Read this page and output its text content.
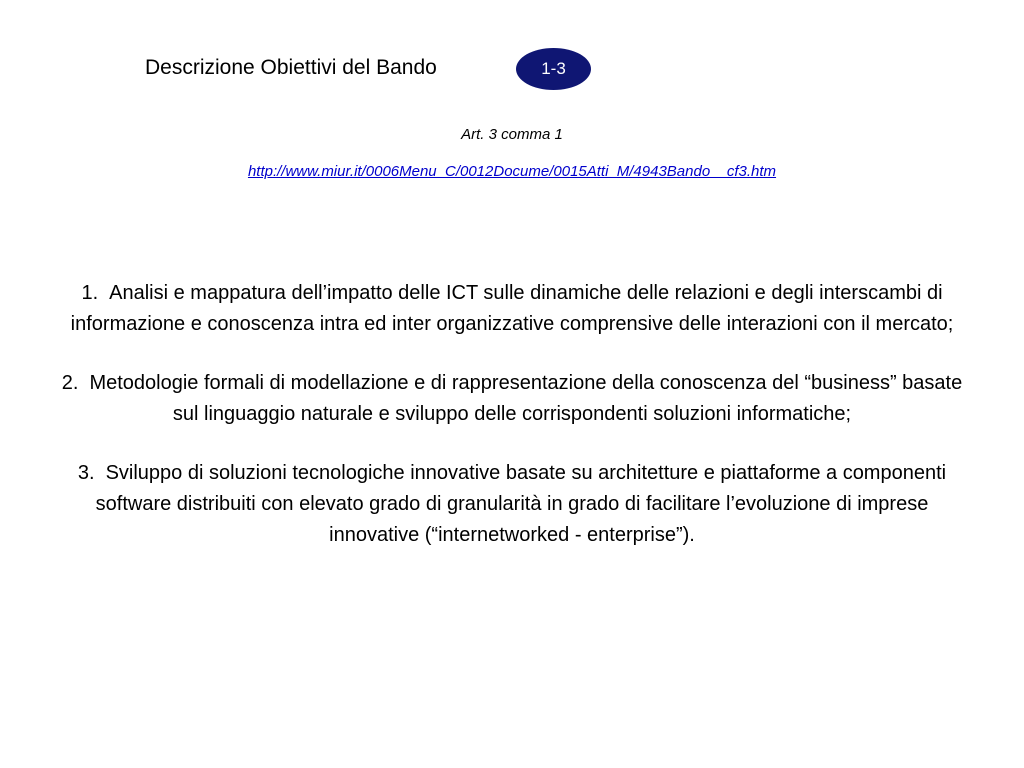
Descrizione Obiettivi del Bando	1-3
Art. 3 comma 1
http://www.miur.it/0006Menu_C/0012Docume/0015Atti_M/4943Bando__cf3.htm
1. Analisi e mappatura dell’impatto delle ICT sulle dinamiche delle relazioni e degli interscambi di informazione e conoscenza intra ed inter organizzative comprensive delle interazioni con il mercato;
2. Metodologie formali di modellazione e di rappresentazione della conoscenza del “business” basate sul linguaggio naturale e sviluppo delle corrispondenti soluzioni informatiche;
3. Sviluppo di soluzioni tecnologiche innovative basate su architetture e piattaforme a componenti software distribuiti con elevato grado di granularità in grado di facilitare l’evoluzione di imprese innovative (“internetworked - enterprise”).
